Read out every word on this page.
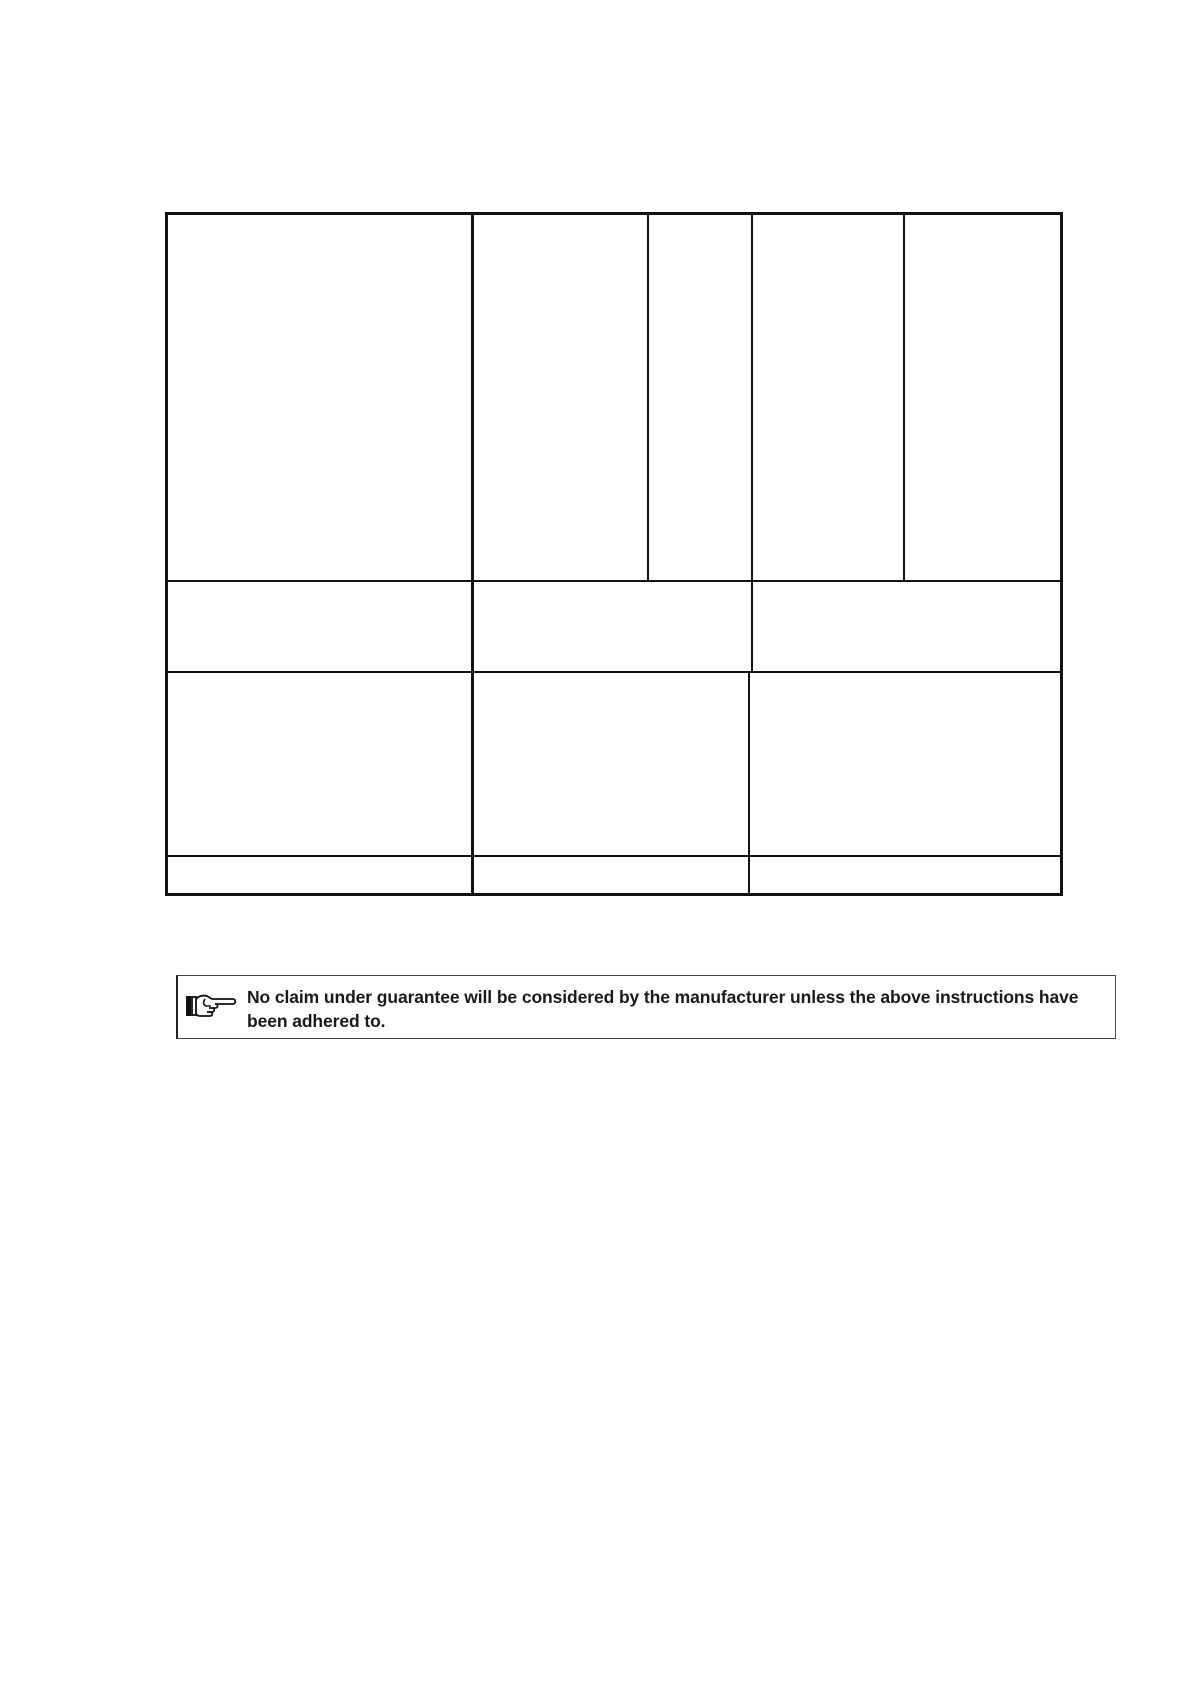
No claim under guarantee will be considered by the manufacturer unless the above instructions have been adhered to.
